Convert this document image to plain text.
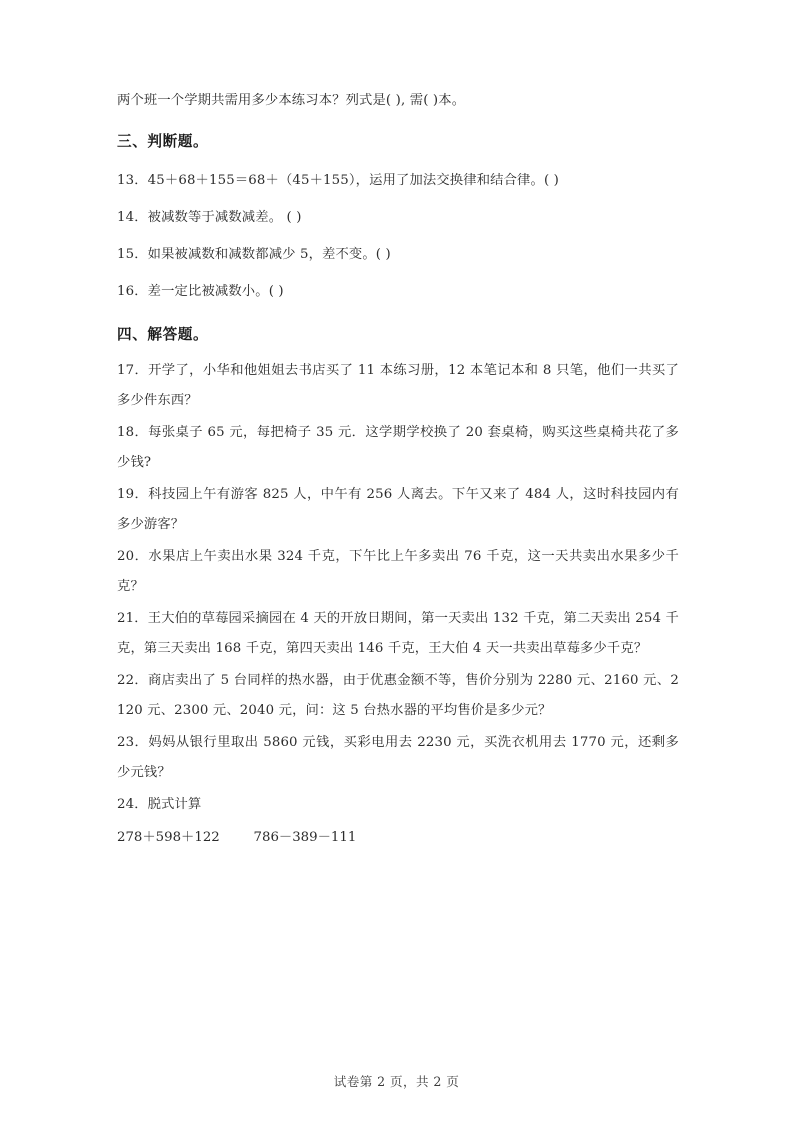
两个班一个学期共需用多少本练习本？列式是( ), 需( )本。

三、判断题。

13．45＋68＋155＝68＋（45＋155），运用了加法交换律和结合律。( )

14．被减数等于减数减差。 ( )

15．如果被减数和减数都减少 5，差不变。( )

16．差一定比被减数小。( )

四、解答题。

17．开学了，小华和他姐姐去书店买了 11 本练习册，12 本笔记本和 8 只笔，他们一共买了多少件东西？

18．每张桌子 65 元，每把椅子 35 元．这学期学校换了 20 套桌椅，购买这些桌椅共花了多少钱?

19．科技园上午有游客 825 人，中午有 256 人离去。下午又来了 484 人，这时科技园内有多少游客？

20．水果店上午卖出水果 324 千克，下午比上午多卖出 76 千克，这一天共卖出水果多少千克？

21．王大伯的草莓园采摘园在 4 天的开放日期间，第一天卖出 132 千克，第二天卖出 254 千克，第三天卖出 168 千克，第四天卖出 146 千克，王大伯 4 天一共卖出草莓多少千克？

22．商店卖出了 5 台同样的热水器，由于优惠金额不等，售价分别为 2280 元、2160 元、2120 元、2300 元、2040 元，问：这 5 台热水器的平均售价是多少元？

23．妈妈从银行里取出 5860 元钱，买彩电用去 2230 元，买洗衣机用去 1770 元，还剩多少元钱？

24．脱式计算

278＋598＋122        786－389－111
试卷第 2 页，共 2 页
